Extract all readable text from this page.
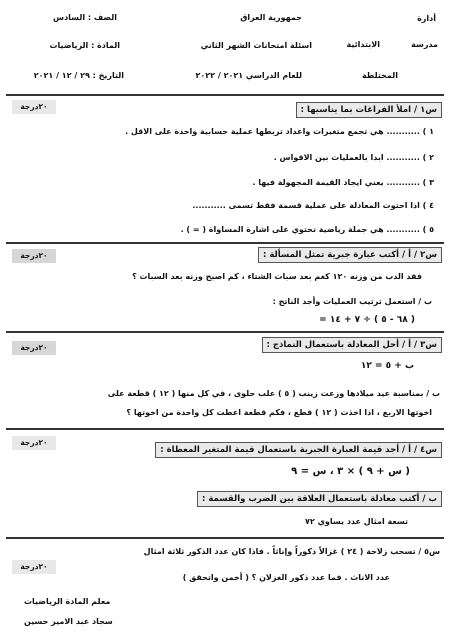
أدارة
مدرسة
جمهورية العراق
الابتدائية
المختلطة
اسئلة امتحانات الشهر الثاني
للعام الدراسي ٢٠٢١ / ٢٠٢٢
الصف : السادس
المادة : الرياضيات
التاريخ : ٢٩ / ١٢ / ٢٠٢١
٢٠درجة	س١ / املأ الفراغات بما يناسبها :
١ ) ........... هي تجمع متغيرات واعداد تربطها عملية حسابية واحدة على الاقل .
٢ ) ........... ابدا بالعمليات بين الاقواس .
٣ ) ........... يعني ايجاد القيمة المجهولة فيها .
٤ ) اذا احتوت المعادلة على عملية قسمة فقط تسمى ...........
٥ ) ........... هي جملة رياضية تحتوي على اشارة المساواة ( = ) .
٢٠درجة	س٢ / أ / أكتب عبارة جبرية تمثل المسألة :
فقد الدب من وزنه ١٢٠ كغم بعد سبات الشتاء ، كم اصبح وزنه بعد السبات ؟
ب / استعمل ترتيب العمليات وأجد الناتج :
( ٦٨ - ٥ ) ÷ ٧ + ١٤ =
٢٠درجة	س٣ / أ / أحل المعادلة باستعمال النماذج :
ب + ٥ = ١٢
ب / بمناسبة عيد ميلادها وزعت زينب ( ٥ ) علب حلوى ، في كل منها ( ١٢ ) قطعة على
اخوتها الاربع ، اذا اخذت ( ١٢ ) قطع ، فكم قطعة اعطت كل واحدة من اخوتها ؟
٢٠درجة
س٤ / أ / أجد قيمة العبارة الجبرية باستعمال قيمة المتغير المعطاة :
( س + ٩ ) × ٣ ، س = ٩
ب / أكتب معادلة باستعمال العلاقة بين الضرب والقسمة :
تسعة امثال عدد يساوي ٧٢
٢٠درجة
س٥ / تسحب زلاحة ( ٢٤ ) غزالاً ذكوراً وإناثاً . فاذا كان عدد الذكور ثلاثة امثال
عدد الاناث . فما عدد ذكور الغزلان ؟ ( أخمن واتحقق )
معلم المادة الرياضيات
سجاد عبد الامير حسين
